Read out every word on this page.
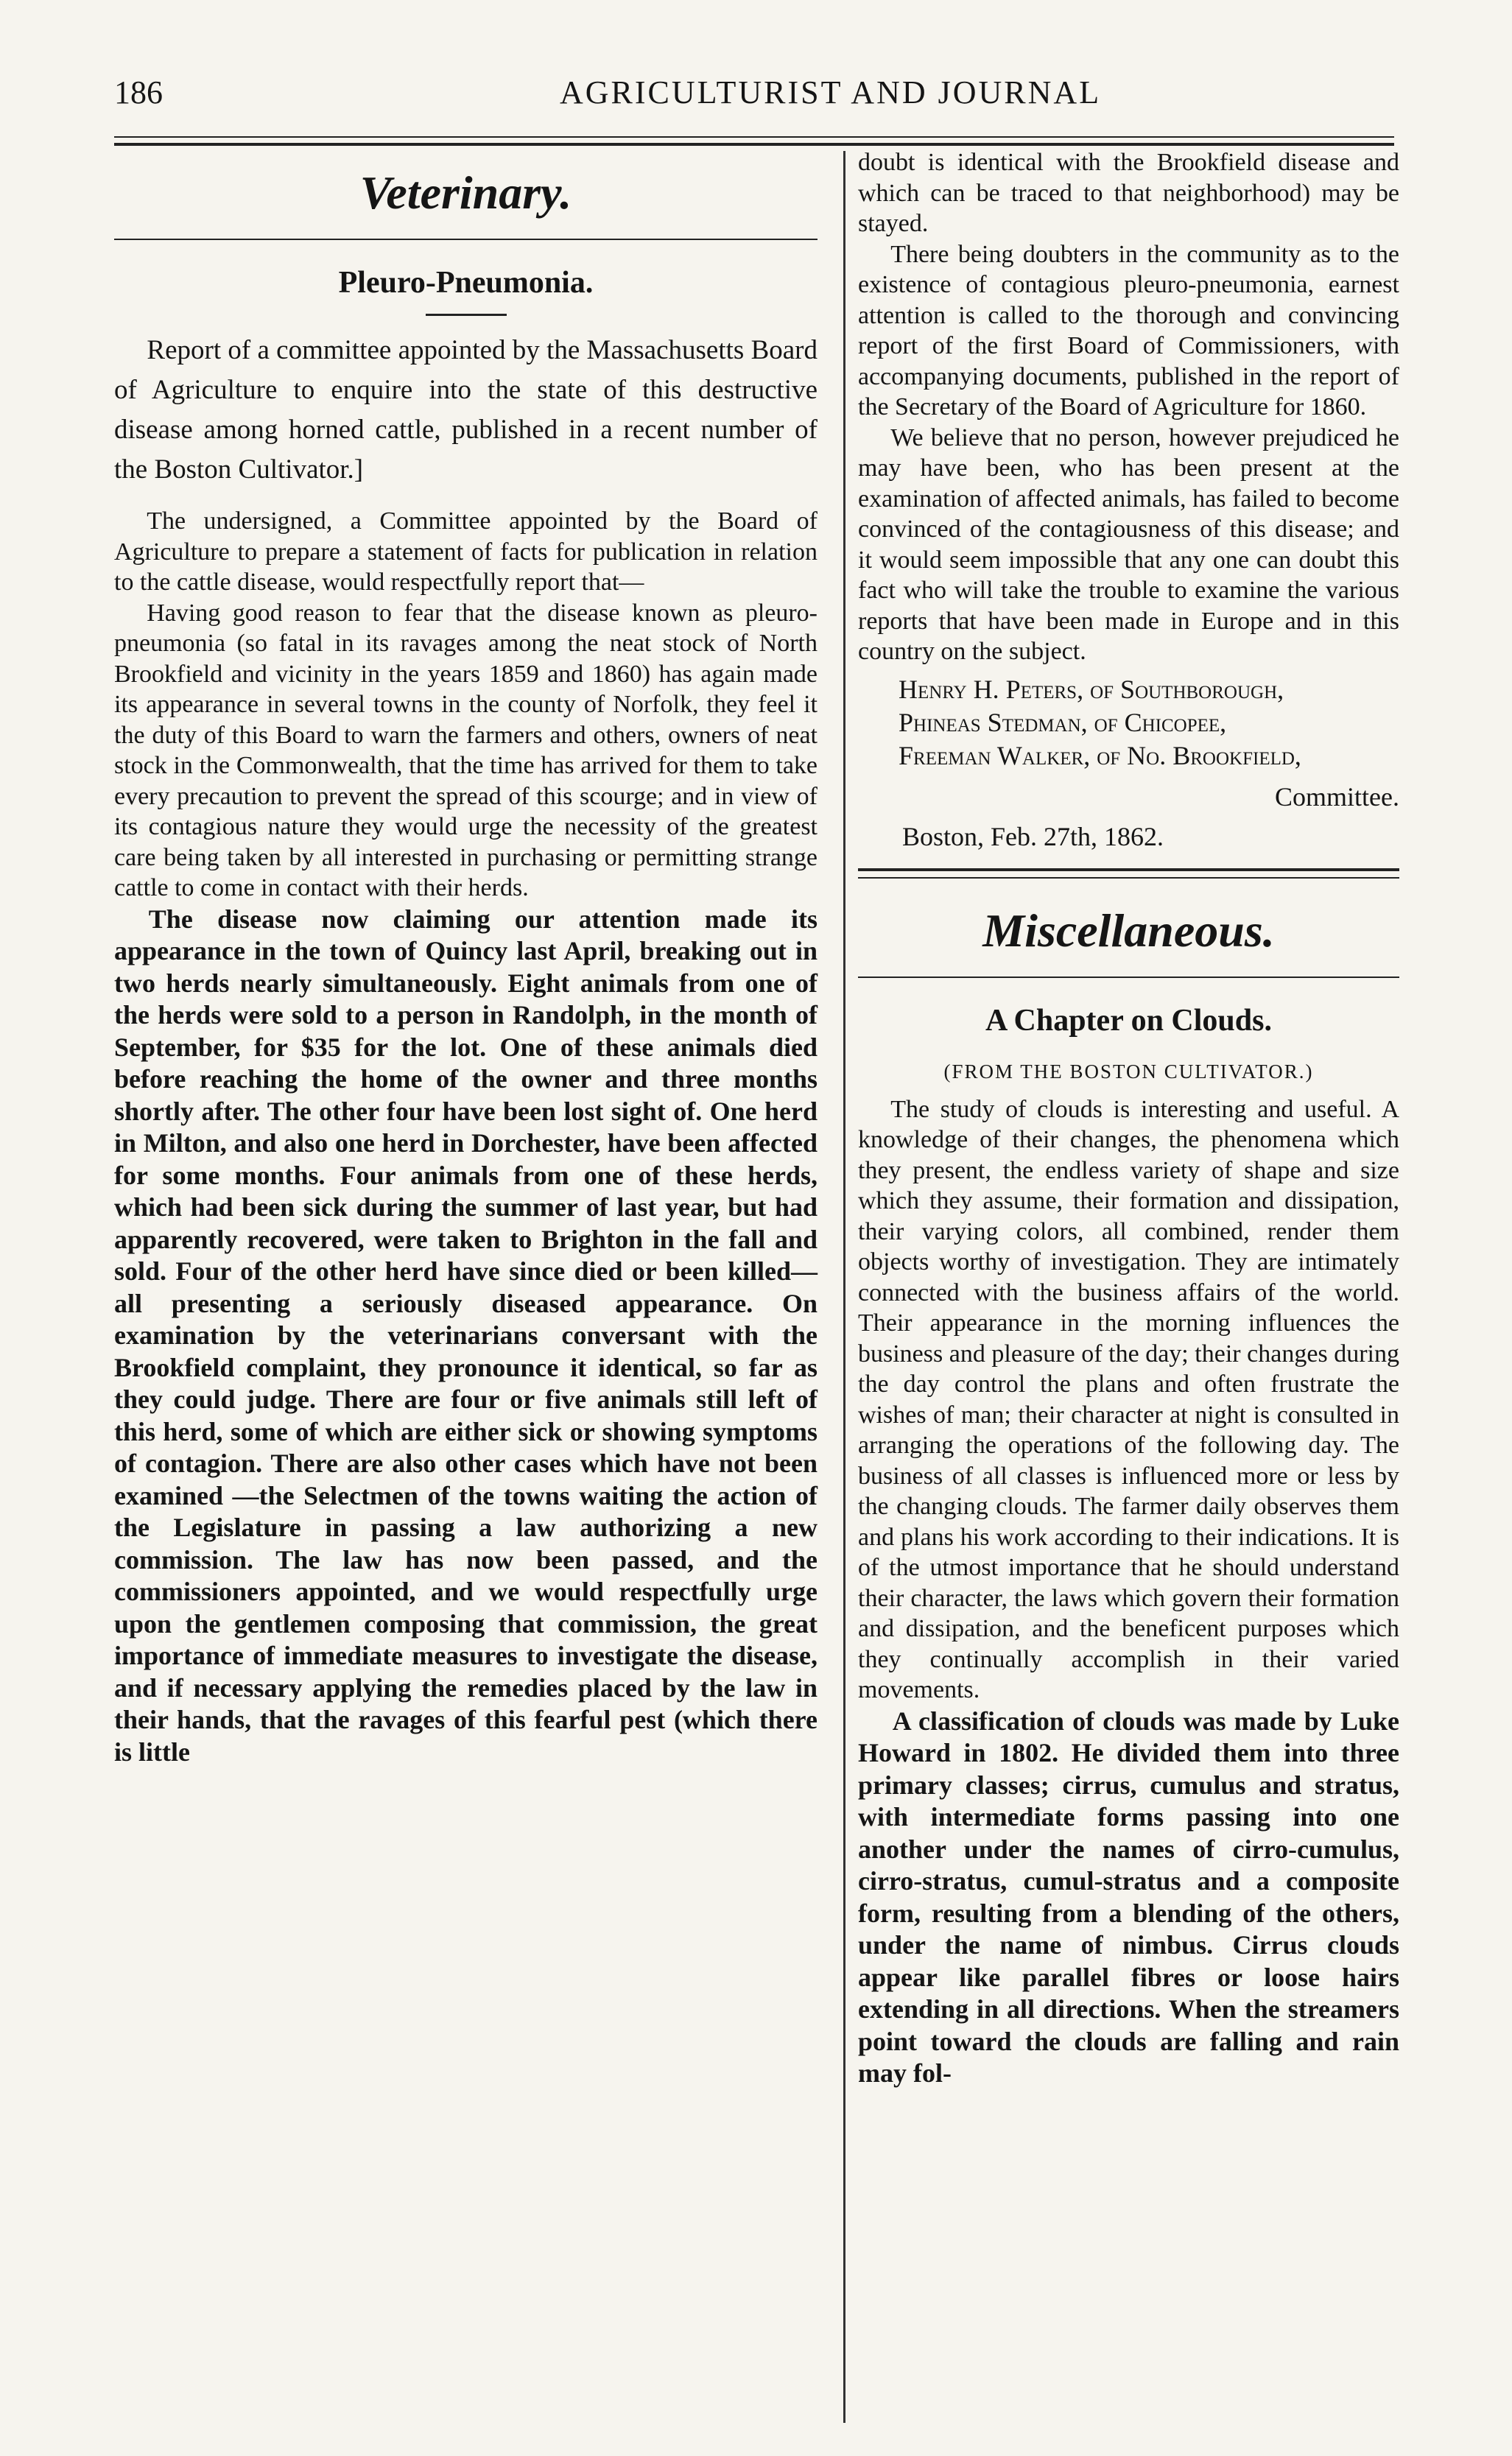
186	AGRICULTURIST AND JOURNAL
Veterinary.
Pleuro-Pneumonia.

Report of a committee appointed by the Massachusetts Board of Agriculture to enquire into the state of this destructive disease among horned cattle, published in a recent number of the Boston Cultivator.]

The undersigned, a Committee appointed by the Board of Agriculture to prepare a statement of facts for publication in relation to the cattle disease, would respectfully report that—

Having good reason to fear that the disease known as pleuro-pneumonia (so fatal in its ravages among the neat stock of North Brookfield and vicinity in the years 1859 and 1860) has again made its appearance in several towns in the county of Norfolk, they feel it the duty of this Board to warn the farmers and others, owners of neat stock in the Commonwealth, that the time has arrived for them to take every precaution to prevent the spread of this scourge; and in view of its contagious nature they would urge the necessity of the greatest care being taken by all interested in purchasing or permitting strange cattle to come in contact with their herds.

The disease now claiming our attention made its appearance in the town of Quincy last April, breaking out in two herds nearly simultaneously. Eight animals from one of the herds were sold to a person in Randolph, in the month of September, for $35 for the lot. One of these animals died before reaching the home of the owner and three months shortly after. The other four have been lost sight of. One herd in Milton, and also one herd in Dorchester, have been affected for some months. Four animals from one of these herds, which had been sick during the summer of last year, but had apparently recovered, were taken to Brighton in the fall and sold. Four of the other herd have since died or been killed—all presenting a seriously diseased appearance. On examination by the veterinarians conversant with the Brookfield complaint, they pronounce it identical, so far as they could judge. There are four or five animals still left of this herd, some of which are either sick or showing symptoms of contagion. There are also other cases which have not been examined —the Selectmen of the towns waiting the action of the Legislature in passing a law authorizing a new commission. The law has now been passed, and the commissioners appointed, and we would respectfully urge upon the gentlemen composing that commission, the great importance of immediate measures to investigate the disease, and if necessary applying the remedies placed by the law in their hands, that the ravages of this fearful pest (which there is little

doubt is identical with the Brookfield disease and which can be traced to that neighborhood) may be stayed.

There being doubters in the community as to the existence of contagious pleuro-pneumonia, earnest attention is called to the thorough and convincing report of the first Board of Commissioners, with accompanying documents, published in the report of the Secretary of the Board of Agriculture for 1860.

We believe that no person, however prejudiced he may have been, who has been present at the examination of affected animals, has failed to become convinced of the contagiousness of this disease; and it would seem impossible that any one can doubt this fact who will take the trouble to examine the various reports that have been made in Europe and in this country on the subject.

Henry H. Peters, of Southborough,
Phineas Stedman, of Chicopee,
Freeman Walker, of No. Brookfield,
Committee.
Boston, Feb. 27th, 1862.
Miscellaneous.
A Chapter on Clouds.
(FROM THE BOSTON CULTIVATOR.)

The study of clouds is interesting and useful. A knowledge of their changes, the phenomena which they present, the endless variety of shape and size which they assume, their formation and dissipation, their varying colors, all combined, render them objects worthy of investigation. They are intimately connected with the business affairs of the world. Their appearance in the morning influences the business and pleasure of the day; their changes during the day control the plans and often frustrate the wishes of man; their character at night is consulted in arranging the operations of the following day. The business of all classes is influenced more or less by the changing clouds. The farmer daily observes them and plans his work according to their indications. It is of the utmost importance that he should understand their character, the laws which govern their formation and dissipation, and the beneficent purposes which they continually accomplish in their varied movements.

A classification of clouds was made by Luke Howard in 1802. He divided them into three primary classes; cirrus, cumulus and stratus, with intermediate forms passing into one another under the names of cirro-cumulus, cirro-stratus, cumul-stratus and a composite form, resulting from a blending of the others, under the name of nimbus. Cirrus clouds appear like parallel fibres or loose hairs extending in all directions. When the streamers point toward the clouds are falling and rain may fol-
